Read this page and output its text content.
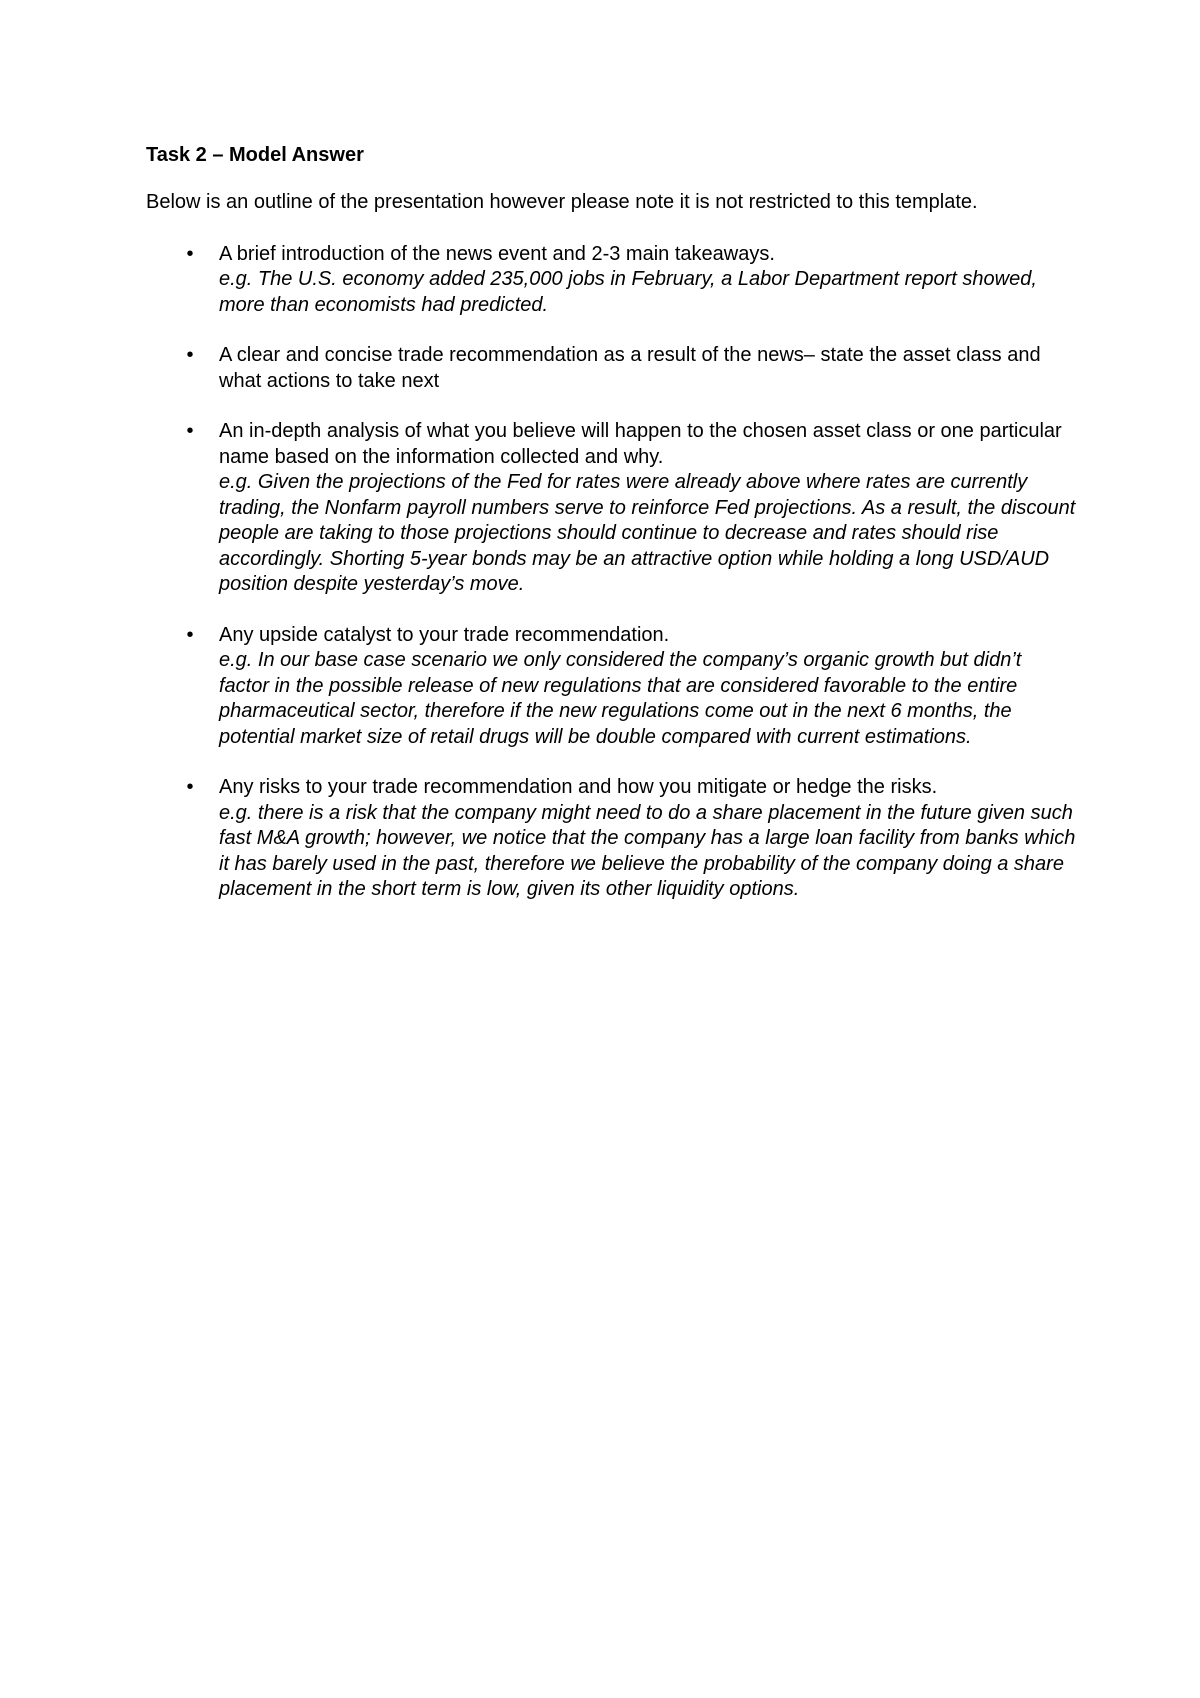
Task 2 – Model Answer
Below is an outline of the presentation however please note it is not restricted to this template.
• A brief introduction of the news event and 2-3 main takeaways.
e.g. The U.S. economy added 235,000 jobs in February, a Labor Department report showed, more than economists had predicted.
• A clear and concise trade recommendation as a result of the news– state the asset class and what actions to take next
• An in-depth analysis of what you believe will happen to the chosen asset class or one particular name based on the information collected and why.
e.g. Given the projections of the Fed for rates were already above where rates are currently trading, the Nonfarm payroll numbers serve to reinforce Fed projections. As a result, the discount people are taking to those projections should continue to decrease and rates should rise accordingly. Shorting 5-year bonds may be an attractive option while holding a long USD/AUD position despite yesterday’s move.
• Any upside catalyst to your trade recommendation.
e.g. In our base case scenario we only considered the company’s organic growth but didn’t factor in the possible release of new regulations that are considered favorable to the entire pharmaceutical sector, therefore if the new regulations come out in the next 6 months, the potential market size of retail drugs will be double compared with current estimations.
• Any risks to your trade recommendation and how you mitigate or hedge the risks.
e.g. there is a risk that the company might need to do a share placement in the future given such fast M&A growth; however, we notice that the company has a large loan facility from banks which it has barely used in the past, therefore we believe the probability of the company doing a share placement in the short term is low, given its other liquidity options.
